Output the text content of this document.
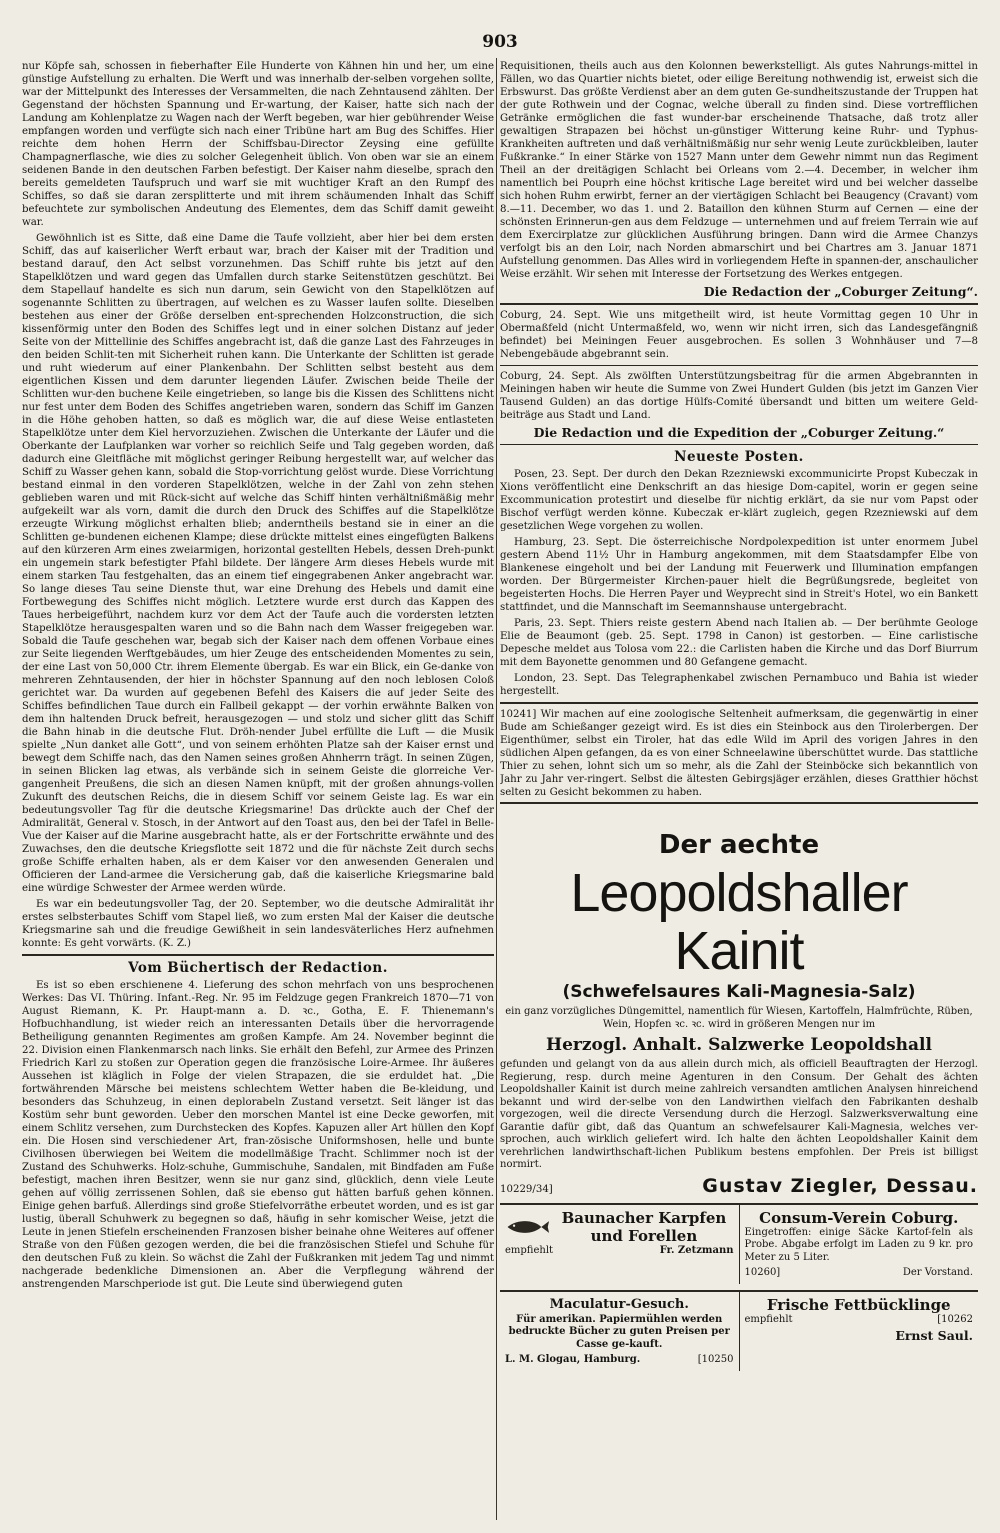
903

nur Köpfe sah, schossen in fieberhafter Eile Hunderte von Kähnen hin und her, um eine günstige Aufstellung zu erhalten. Die Werft und was innerhalb der-selben vorgehen sollte, war der Mittelpunkt des Interesses der Versammelten, die nach Zehntausend zählten. Der Gegenstand der höchsten Spannung und Er-wartung, der Kaiser, hatte sich nach der Landung am Kohlenplatze zu Wagen nach der Werft begeben, war hier gebührender Weise empfangen worden und verfügte sich nach einer Tribüne hart am Bug des Schiffes. Hier reichte dem hohen Herrn der Schiffsbau-Director Zeysing eine gefüllte Champagnerflasche, wie dies zu solcher Gelegenheit üblich. Von oben war sie an einem seidenen Bande in den deutschen Farben befestigt. Der Kaiser nahm dieselbe, sprach den bereits gemeldeten Taufspruch und warf sie mit wuchtiger Kraft an den Rumpf des Schiffes, so daß sie daran zersplitterte und mit ihrem schäumenden Inhalt das Schiff befeuchtete zur symbolischen Andeutung des Elementes, dem das Schiff damit geweiht war.

Gewöhnlich ist es Sitte, daß eine Dame die Taufe vollzieht, aber hier bei dem ersten Schiff, das auf kaiserlicher Werft erbaut war, brach der Kaiser mit der Tradition und bestand darauf, den Act selbst vorzunehmen. Das Schiff ruhte bis jetzt auf den Stapelklötzen und ward gegen das Umfallen durch starke Seitenstützen geschützt. Bei dem Stapellauf handelte es sich nun darum, sein Gewicht von den Stapelklötzen auf sogenannte Schlitten zu übertragen, auf welchen es zu Wasser laufen sollte. Dieselben bestehen aus einer der Größe derselben ent-sprechenden Holzconstruction, die sich kissenförmig unter den Boden des Schiffes legt und in einer solchen Distanz auf jeder Seite von der Mittellinie des Schiffes angebracht ist, daß die ganze Last des Fahrzeuges in den beiden Schlit-ten mit Sicherheit ruhen kann. Die Unterkante der Schlitten ist gerade und ruht wiederum auf einer Plankenbahn. Der Schlitten selbst besteht aus dem eigentlichen Kissen und dem darunter liegenden Läufer. Zwischen beide Theile der Schlitten wur-den buchene Keile eingetrieben, so lange bis die Kissen des Schlittens nicht nur fest unter dem Boden des Schiffes angetrieben waren, sondern das Schiff im Ganzen in die Höhe gehoben hatten, so daß es möglich war, die auf diese Weise entlasteten Stapelklötze unter dem Kiel hervorzuziehen. Zwischen die Unterkante der Läufer und die Oberkante der Laufplanken war vorher so reichlich Seife und Talg gegeben worden, daß dadurch eine Gleitfläche mit möglichst geringer Reibung hergestellt war, auf welcher das Schiff zu Wasser gehen kann, sobald die Stop-vorrichtung gelöst wurde. Diese Vorrichtung bestand einmal in den vorderen Stapelklötzen, welche in der Zahl von zehn stehen geblieben waren und mit Rück-sicht auf welche das Schiff hinten verhältnißmäßig mehr aufgekeilt war als vorn, damit die durch den Druck des Schiffes auf die Stapelklötze erzeugte Wirkung möglichst erhalten blieb; anderntheils bestand sie in einer an die Schlitten ge-bundenen eichenen Klampe; diese drückte mittelst eines eingefügten Balkens auf den kürzeren Arm eines zweiarmigen, horizontal gestellten Hebels, dessen Dreh-punkt ein ungemein stark befestigter Pfahl bildete. Der längere Arm dieses Hebels wurde mit einem starken Tau festgehalten, das an einem tief eingegrabenen Anker angebracht war. So lange dieses Tau seine Dienste thut, war eine Drehung des Hebels und damit eine Fortbewegung des Schiffes nicht möglich. Letztere wurde erst durch das Kappen des Taues herbeigeführt, nachdem kurz vor dem Act der Taufe auch die vordersten letzten Stapelklötze herausgespalten waren und so die Bahn nach dem Wasser freigegeben war. Sobald die Taufe geschehen war, begab sich der Kaiser nach dem offenen Vorbaue eines zur Seite liegenden Werftgebäudes, um hier Zeuge des entscheidenden Momentes zu sein, der eine Last von 50,000 Ctr. ihrem Elemente übergab. Es war ein Blick, ein Ge-danke von mehreren Zehntausenden, der hier in höchster Spannung auf den noch leblosen Coloß gerichtet war. Da wurden auf gegebenen Befehl des Kaisers die auf jeder Seite des Schiffes befindlichen Taue durch ein Fallbeil gekappt — der vorhin erwähnte Balken von dem ihn haltenden Druck befreit, herausgezogen — und stolz und sicher glitt das Schiff die Bahn hinab in die deutsche Flut. Dröh-nender Jubel erfüllte die Luft — die Musik spielte „Nun danket alle Gott“, und von seinem erhöhten Platze sah der Kaiser ernst und bewegt dem Schiffe nach, das den Namen seines großen Ahnherrn trägt. In seinen Zügen, in seinen Blicken lag etwas, als verbände sich in seinem Geiste die glorreiche Ver-gangenheit Preußens, die sich an diesen Namen knüpft, mit der großen ahnungs-vollen Zukunft des deutschen Reichs, die in diesem Schiff vor seinem Geiste lag. Es war ein bedeutungsvoller Tag für die deutsche Kriegsmarine! Das drückte auch der Chef der Admiralität, General v. Stosch, in der Antwort auf den Toast aus, den bei der Tafel in Belle-Vue der Kaiser auf die Marine ausgebracht hatte, als er der Fortschritte erwähnte und des Zuwachses, den die deutsche Kriegsflotte seit 1872 und die für nächste Zeit durch sechs große Schiffe erhalten haben, als er dem Kaiser vor den anwesenden Generalen und Officieren der Land-armee die Versicherung gab, daß die kaiserliche Kriegsmarine bald eine würdige Schwester der Armee werden würde.

Es war ein bedeutungsvoller Tag, der 20. September, wo die deutsche Admiralität ihr erstes selbsterbautes Schiff vom Stapel ließ, wo zum ersten Mal der Kaiser die deutsche Kriegsmarine sah und die freudige Gewißheit in sein landesväterliches Herz aufnehmen konnte: Es geht vorwärts. (K. Z.)

Vom Büchertisch der Redaction.

Es ist so eben erschienene 4. Lieferung des schon mehrfach von uns besprochenen Werkes: Das VI. Thüring. Infant.-Reg. Nr. 95 im Feldzuge gegen Frankreich 1870—71 von August Riemann, K. Pr. Haupt-mann a. D. ꝛc., Gotha, E. F. Thienemann's Hofbuchhandlung, ist wieder reich an interessanten Details über die hervorragende Betheiligung genannten Regimentes am großen Kampfe. Am 24. November beginnt die 22. Division einen Flankenmarsch nach links. Sie erhält den Befehl, zur Armee des Prinzen Friedrich Karl zu stoßen zur Operation gegen die französische Loire-Armee. Ihr äußeres Aussehen ist kläglich in Folge der vielen Strapazen, die sie erduldet hat. „Die fortwährenden Märsche bei meistens schlechtem Wetter haben die Be-kleidung, und besonders das Schuhzeug, in einen deplorabeln Zustand versetzt. Seit länger ist das Kostüm sehr bunt geworden. Ueber den morschen Mantel ist eine Decke geworfen, mit einem Schlitz versehen, zum Durchstecken des Kopfes. Kapuzen aller Art hüllen den Kopf ein. Die Hosen sind verschiedener Art, fran-zösische Uniformshosen, helle und bunte Civilhosen überwiegen bei Weitem die modellmäßige Tracht. Schlimmer noch ist der Zustand des Schuhwerks. Holz-schuhe, Gummischuhe, Sandalen, mit Bindfaden am Fuße befestigt, machen ihren Besitzer, wenn sie nur ganz sind, glücklich, denn viele Leute gehen auf völlig zerrissenen Sohlen, daß sie ebenso gut hätten barfuß gehen können. Einige gehen barfuß. Allerdings sind große Stiefelvorräthe erbeutet worden, und es ist gar lustig, überall Schuhwerk zu begegnen so daß, häufig in sehr komischer Weise, jetzt die Leute in jenen Stiefeln erscheinenden Franzosen bisher beinahe ohne Weiteres auf offener Straße von den Füßen gezogen werden, die bei die französischen Stiefel und Schuhe für den deutschen Fuß zu klein. So wächst die Zahl der Fußkranken mit jedem Tag und nimmt nachgerade bedenkliche Dimensionen an. Aber die Verpflegung während der anstrengenden Marschperiode ist gut. Die Leute sind überwiegend guten

Requisitionen, theils auch aus den Kolonnen bewerkstelligt. Als gutes Nahrungs-mittel in Fällen, wo das Quartier nichts bietet, oder eilige Bereitung nothwendig ist, erweist sich die Erbswurst. Das größte Verdienst aber an dem guten Ge-sundheitszustande der Truppen hat der gute Rothwein und der Cognac, welche überall zu finden sind. Diese vortrefflichen Getränke ermöglichen die fast wunder-bar erscheinende Thatsache, daß trotz aller gewaltigen Strapazen bei höchst un-günstiger Witterung keine Ruhr- und Typhus-Krankheiten auftreten und daß verhältnißmäßig nur sehr wenig Leute zurückbleiben, lauter Fußkranke.“ In einer Stärke von 1527 Mann unter dem Gewehr nimmt nun das Regiment Theil an der dreitägigen Schlacht bei Orleans vom 2.—4. December, in welcher ihm namentlich bei Pouprh eine höchst kritische Lage bereitet wird und bei welcher dasselbe sich hohen Ruhm erwirbt, ferner an der viertägigen Schlacht bei Beaugency (Cravant) vom 8.—11. December, wo das 1. und 2. Bataillon den kühnen Sturm auf Cernen — eine der schönsten Erinnerun-gen aus dem Feldzuge — unternehmen und auf freiem Terrain wie auf dem Exercirplatze zur glücklichen Ausführung bringen. Dann wird die Armee Chanzys verfolgt bis an den Loir, nach Norden abmarschirt und bei Chartres am 3. Januar 1871 Aufstellung genommen. Das Alles wird in vorliegendem Hefte in spannen-der, anschaulicher Weise erzählt. Wir sehen mit Interesse der Fortsetzung des Werkes entgegen.

Die Redaction der „Coburger Zeitung“.

Coburg, 24. Sept. Wie uns mitgetheilt wird, ist heute Vormittag gegen 10 Uhr in Obermaßfeld (nicht Untermaßfeld, wo, wenn wir nicht irren, sich das Landesgefängniß befindet) bei Meiningen Feuer ausgebrochen. Es sollen 3 Wohnhäuser und 7—8 Nebengebäude abgebrannt sein.

Coburg, 24. Sept. Als zwölften Unterstützungsbeitrag für die armen Abgebrannten in Meiningen haben wir heute die Summe von Zwei Hundert Gulden (bis jetzt im Ganzen Vier Tausend Gulden) an das dortige Hülfs-Comité übersandt und bitten um weitere Geld-beiträge aus Stadt und Land.

Die Redaction und die Expedition der „Coburger Zeitung.“
Neueste Posten.

Posen, 23. Sept. Der durch den Dekan Rzezniewski excommunicirte Propst Kubeczak in Xions veröffentlicht eine Denkschrift an das hiesige Dom-capitel, worin er gegen seine Excommunication protestirt und dieselbe für nichtig erklärt, da sie nur vom Papst oder Bischof verfügt werden könne. Kubeczak er-klärt zugleich, gegen Rzezniewski auf dem gesetzlichen Wege vorgehen zu wollen.

Hamburg, 23. Sept. Die österreichische Nordpolexpedition ist unter enormem Jubel gestern Abend 11½ Uhr in Hamburg angekommen, mit dem Staatsdampfer Elbe von Blankenese eingeholt und bei der Landung mit Feuerwerk und Illumination empfangen worden. Der Bürgermeister Kirchen-pauer hielt die Begrüßungsrede, begleitet von begeisterten Hochs. Die Herren Payer und Weyprecht sind in Streit's Hotel, wo ein Bankett stattfindet, und die Mannschaft im Seemannshause untergebracht.

Paris, 23. Sept. Thiers reiste gestern Abend nach Italien ab. — Der berühmte Geologe Elie de Beaumont (geb. 25. Sept. 1798 in Canon) ist gestorben. — Eine carlistische Depesche meldet aus Tolosa vom 22.: die Carlisten haben die Kirche und das Dorf Biurrum mit dem Bayonette genommen und 80 Gefangene gemacht.

London, 23. Sept. Das Telegraphenkabel zwischen Pernambuco und Bahia ist wieder hergestellt.

10241] Wir machen auf eine zoologische Seltenheit aufmerksam, die gegenwärtig in einer Bude am Schießanger gezeigt wird. Es ist dies ein Steinbock aus den Tirolerbergen. Der Eigenthümer, selbst ein Tiroler, hat das edle Wild im April des vorigen Jahres in den südlichen Alpen gefangen, da es von einer Schneelawine überschüttet wurde. Das stattliche Thier zu sehen, lohnt sich um so mehr, als die Zahl der Steinböcke sich bekanntlich von Jahr zu Jahr ver-ringert. Selbst die ältesten Gebirgsjäger erzählen, dieses Gratthier höchst selten zu Gesicht bekommen zu haben.

Der aechte
Leopoldshaller Kainit
(Schwefelsaures Kali-Magnesia-Salz)

ein ganz vorzügliches Düngemittel, namentlich für Wiesen, Kartoffeln, Halmfrüchte, Rüben, Wein, Hopfen ꝛc. ꝛc. wird in größeren Mengen nur im

Herzogl. Anhalt. Salzwerke Leopoldshall

gefunden und gelangt von da aus allein durch mich, als officiell Beauftragten der Herzogl. Regierung, resp. durch meine Agenturen in den Consum. Der Gehalt des ächten Leopoldshaller Kainit ist durch meine zahlreich versandten amtlichen Analysen hinreichend bekannt und wird der-selbe von den Landwirthen vielfach den Fabrikanten deshalb vorgezogen, weil die directe Versendung durch die Herzogl. Salzwerksverwaltung eine Garantie dafür gibt, daß das Quantum an schwefelsaurer Kali-Magnesia, welches ver-sprochen, auch wirklich geliefert wird. Ich halte den ächten Leopoldshaller Kainit dem verehrlichen landwirthschaft-lichen Publikum bestens empfohlen. Der Preis ist billigst normirt.

10229/34]	Gustav Ziegler, Dessau.
Baunacher Karpfen und Forellen
empfiehlt	Fr. Zetzmann
Consum-Verein Coburg.

Eingetroffen: einige Säcke Kartof-feln als Probe. Abgabe erfolgt im Laden zu 9 kr. pro Meter zu 5 Liter.

10260]	Der Vorstand.
Maculatur-Gesuch.

Für amerikan. Papiermühlen werden bedruckte Bücher zu guten Preisen per Casse ge-kauft.

L. M. Glogau, Hamburg.	[10250
Frische Fettbücklinge
empfiehlt	[10262
Ernst Saul.
